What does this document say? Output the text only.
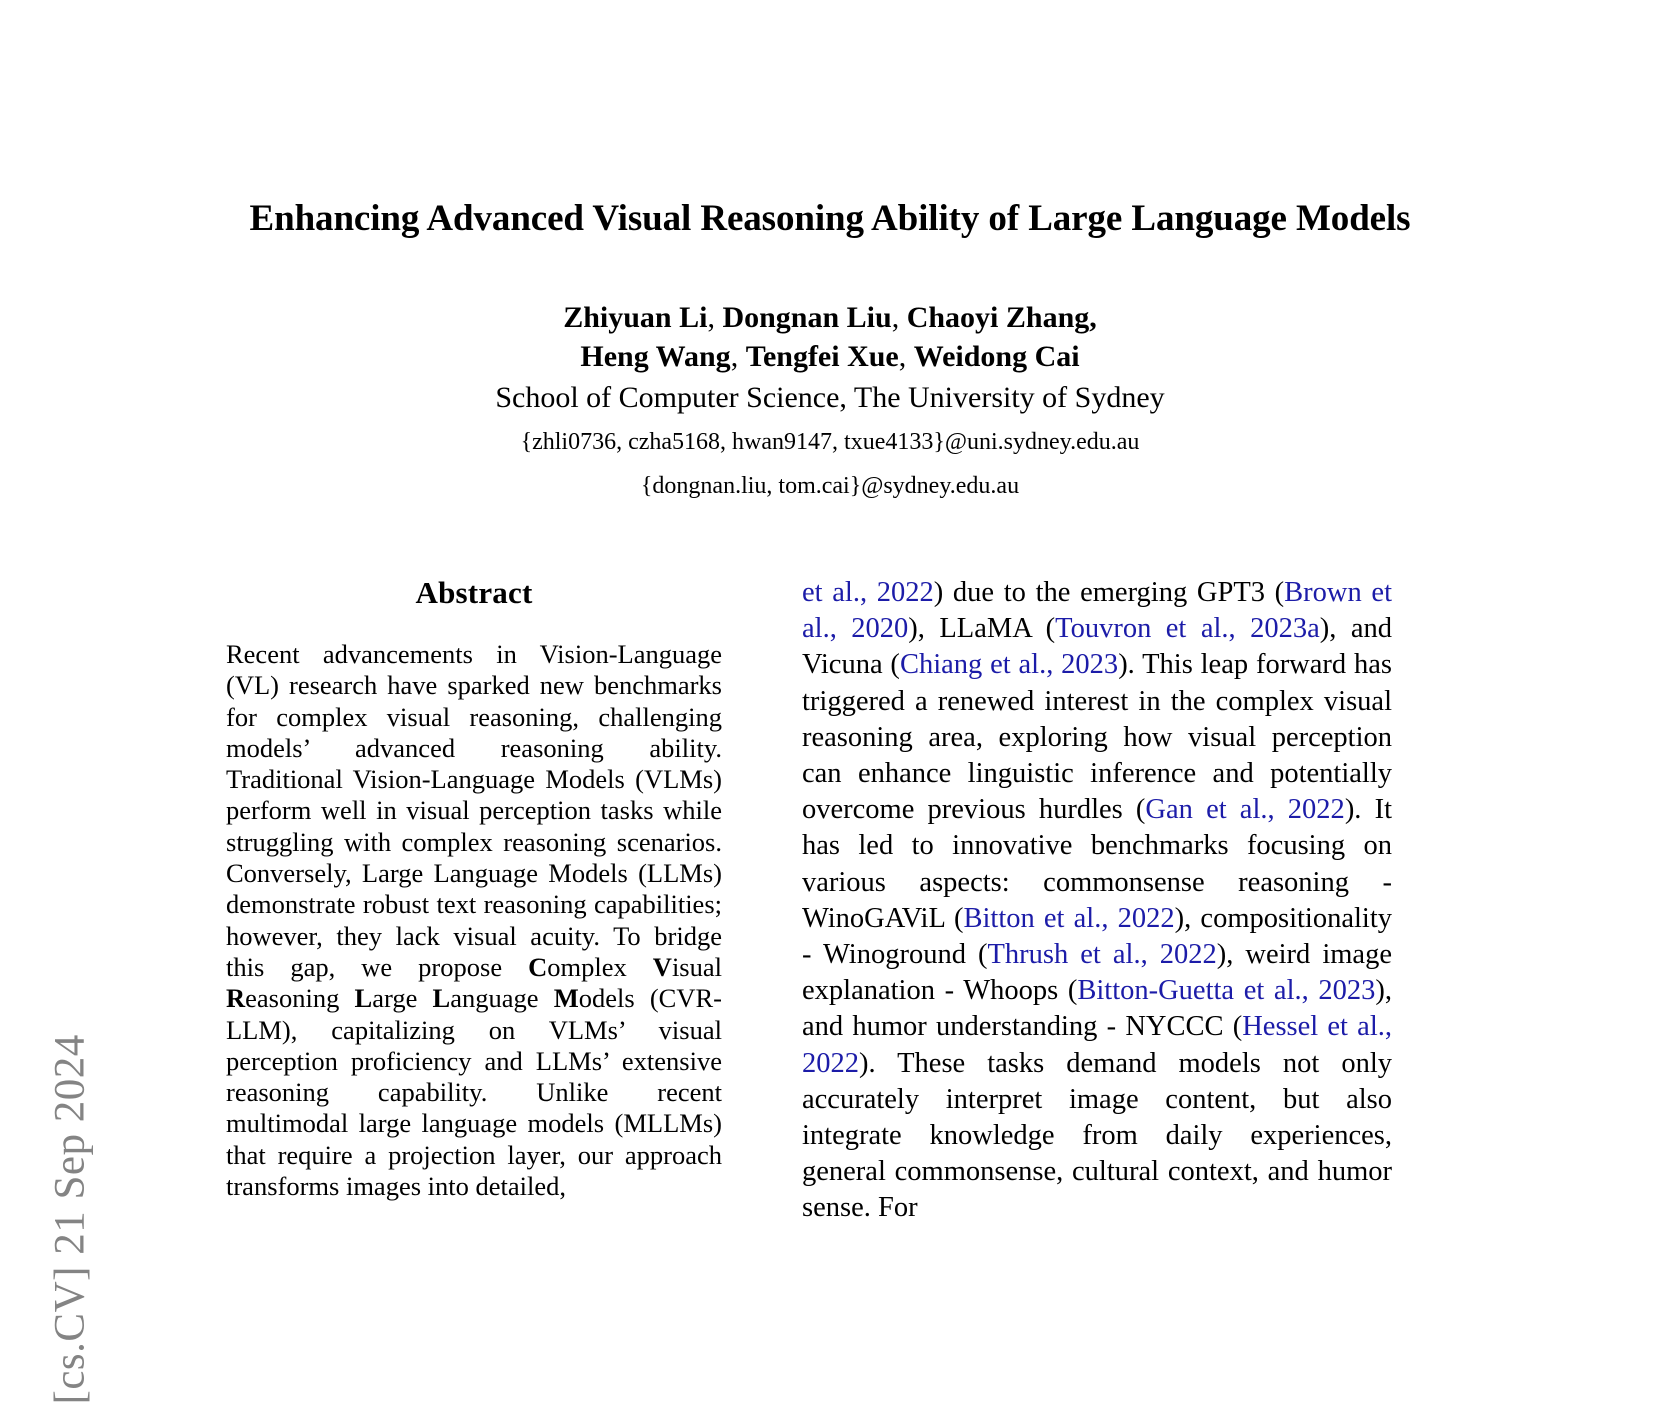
[cs.CV] 21 Sep 2024
Enhancing Advanced Visual Reasoning Ability of Large Language Models
Zhiyuan Li, Dongnan Liu, Chaoyi Zhang,
Heng Wang, Tengfei Xue, Weidong Cai
School of Computer Science, The University of Sydney
{zhli0736, czha5168, hwan9147, txue4133}@uni.sydney.edu.au
{dongnan.liu, tom.cai}@sydney.edu.au
Abstract

Recent advancements in Vision-Language (VL) research have sparked new benchmarks for complex visual reasoning, challenging models’ advanced reasoning ability. Traditional Vision-Language Models (VLMs) perform well in visual perception tasks while struggling with complex reasoning scenarios. Conversely, Large Language Models (LLMs) demonstrate robust text reasoning capabilities; however, they lack visual acuity. To bridge this gap, we propose Complex Visual Reasoning Large Language Models (CVR-LLM), capitalizing on VLMs’ visual perception proficiency and LLMs’ extensive reasoning capability. Unlike recent multimodal large language models (MLLMs) that require a projection layer, our approach transforms images into detailed,

et al., 2022) due to the emerging GPT3 (Brown et al., 2020), LLaMA (Touvron et al., 2023a), and Vicuna (Chiang et al., 2023). This leap forward has triggered a renewed interest in the complex visual reasoning area, exploring how visual perception can enhance linguistic inference and potentially overcome previous hurdles (Gan et al., 2022). It has led to innovative benchmarks focusing on various aspects: commonsense reasoning - WinoGAViL (Bitton et al., 2022), compositionality - Winoground (Thrush et al., 2022), weird image explanation - Whoops (Bitton-Guetta et al., 2023), and humor understanding - NYCCC (Hessel et al., 2022). These tasks demand models not only accurately interpret image content, but also integrate knowledge from daily experiences, general commonsense, cultural context, and humor sense. For
